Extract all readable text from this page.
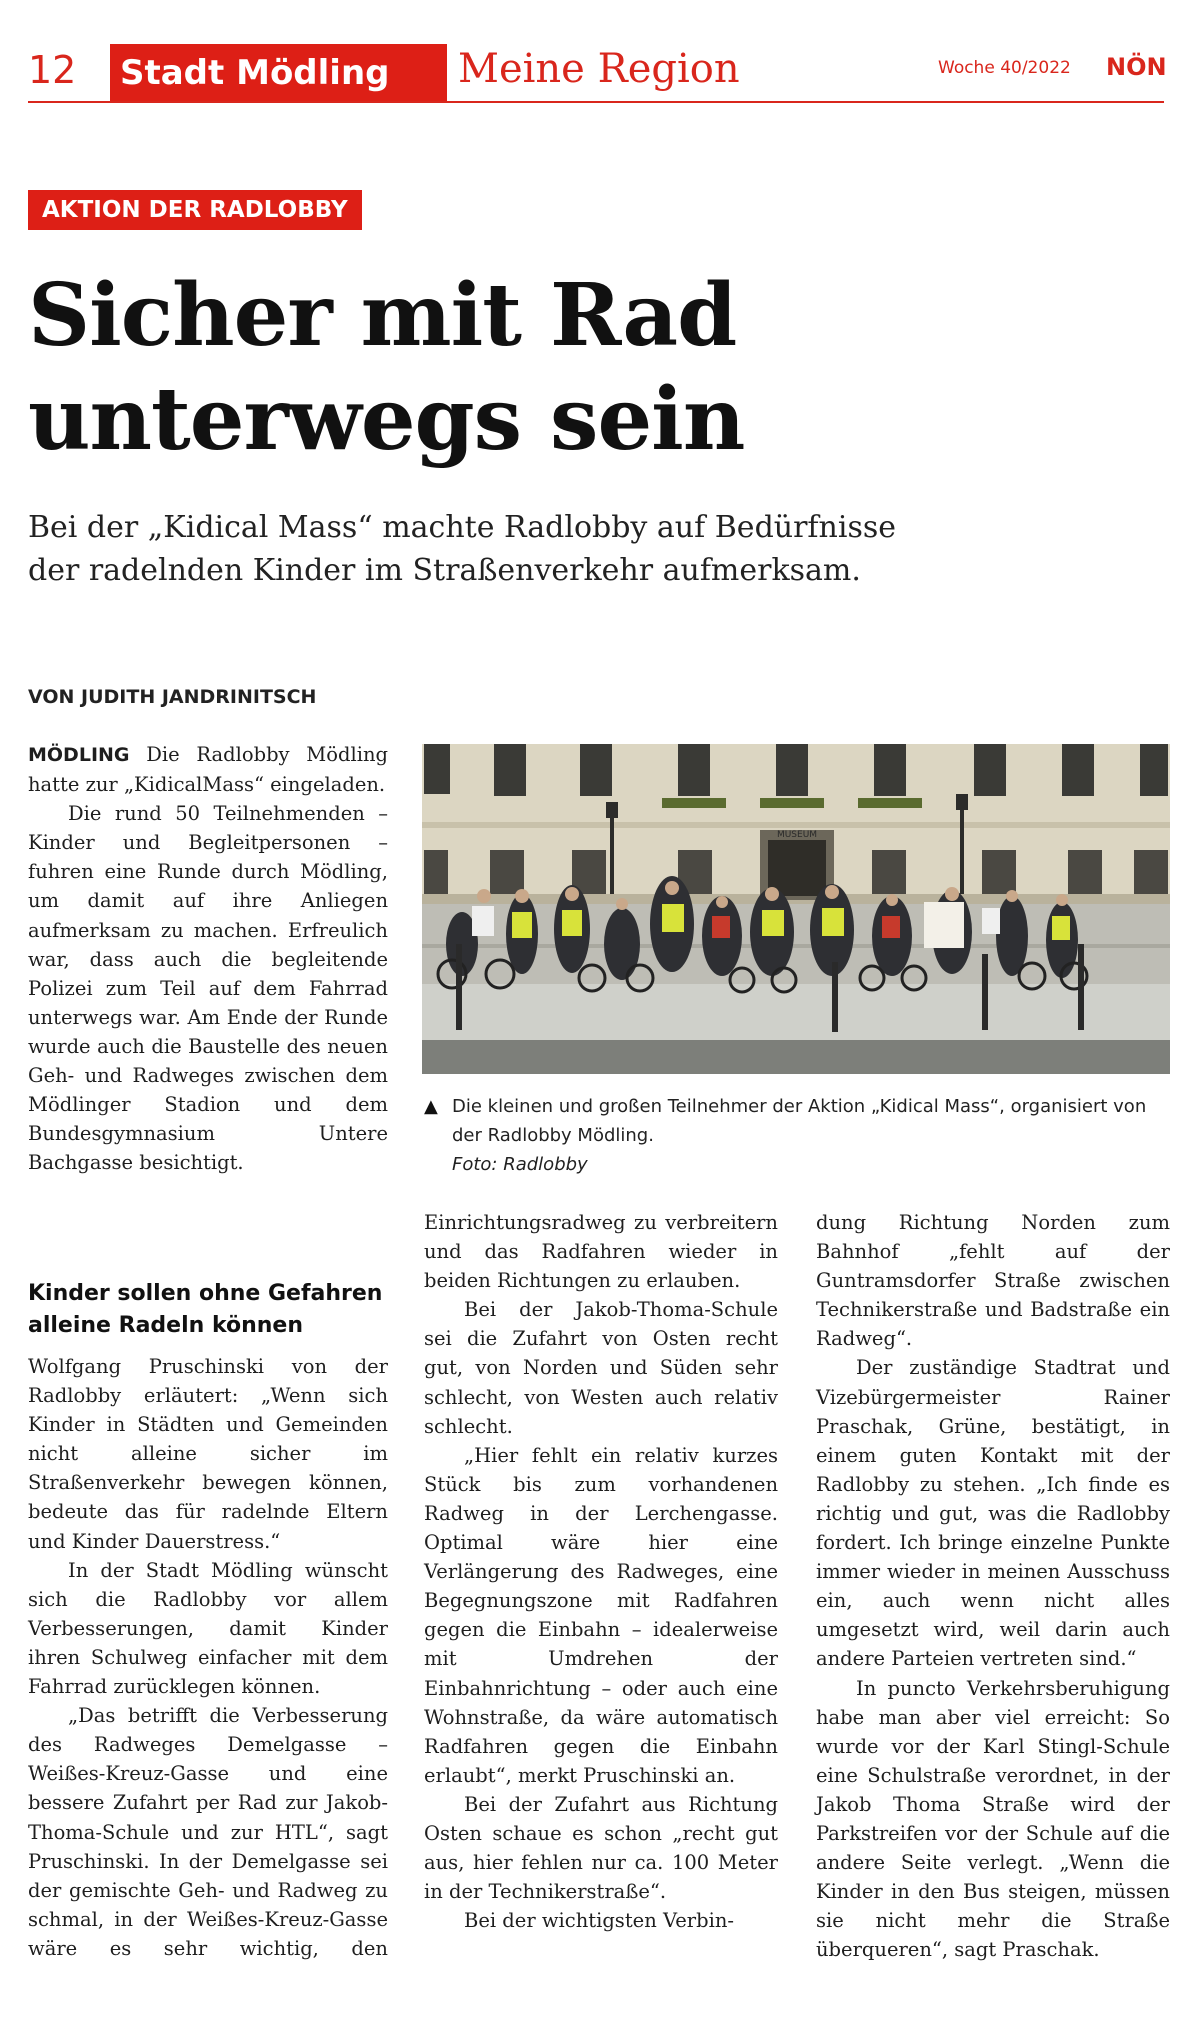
12 Stadt Mödling Meine Region	Woche 40/2022 NÖN
AKTION DER RADLOBBY
Sicher mit Rad
unterwegs sein

Bei der „Kidical Mass“ machte Radlobby auf Bedürfnisse der radelnden Kinder im Straßenverkehr aufmerksam.

VON JUDITH JANDRINITSCH

MÖDLING Die Radlobby Mödling hatte zur „KidicalMass“ eingeladen.

Die rund 50 Teilnehmenden – Kinder und Begleitpersonen – fuhren eine Runde durch Mödling, um damit auf ihre Anliegen aufmerksam zu machen. Erfreulich war, dass auch die begleitende Polizei zum Teil auf dem Fahrrad unterwegs war. Am Ende der Runde wurde auch die Baustelle des neuen Geh- und Radweges zwischen dem Mödlinger Stadion und dem Bundesgymnasium Untere Bachgasse besichtigt.

Kinder sollen ohne Gefahren alleine Radeln können

Wolfgang Pruschinski von der Radlobby erläutert: „Wenn sich Kinder in Städten und Gemeinden nicht alleine sicher im Straßenverkehr bewegen können, bedeute das für radelnde Eltern und Kinder Dauerstress.“

In der Stadt Mödling wünscht sich die Radlobby vor allem Verbesserungen, damit Kinder ihren Schulweg einfacher mit dem Fahrrad zurücklegen können.

„Das betrifft die Verbesserung des Radweges Demelgasse – Weißes-Kreuz-Gasse und eine bessere Zufahrt per Rad zur Jakob-Thoma-Schule und zur HTL“, sagt Pruschinski. In der Demelgasse sei der gemischte Geh- und Radweg zu schmal, in der Weißes-Kreuz-Gasse wäre es sehr wichtig, den

MUSEUM
▲ Die kleinen und großen Teilnehmer der Aktion „Kidical Mass“, organisiert von
der Radlobby Mödling.
Foto: Radlobby

Einrichtungsradweg zu verbreitern und das Radfahren wieder in beiden Richtungen zu erlauben.

Bei der Jakob-Thoma-Schule sei die Zufahrt von Osten recht gut, von Norden und Süden sehr schlecht, von Westen auch relativ schlecht.

„Hier fehlt ein relativ kurzes Stück bis zum vorhandenen Radweg in der Lerchengasse. Optimal wäre hier eine Verlängerung des Radweges, eine Begegnungszone mit Radfahren gegen die Einbahn – idealerweise mit Umdrehen der Einbahnrichtung – oder auch eine Wohnstraße, da wäre automatisch Radfahren gegen die Einbahn erlaubt“, merkt Pruschinski an.

Bei der Zufahrt aus Richtung Osten schaue es schon „recht gut aus, hier fehlen nur ca. 100 Meter in der Technikerstraße“.

Bei der wichtigsten Verbin-

dung Richtung Norden zum Bahnhof „fehlt auf der Guntramsdorfer Straße zwischen Technikerstraße und Badstraße ein Radweg“.

Der zuständige Stadtrat und Vizebürgermeister Rainer Praschak, Grüne, bestätigt, in einem guten Kontakt mit der Radlobby zu stehen. „Ich finde es richtig und gut, was die Radlobby fordert. Ich bringe einzelne Punkte immer wieder in meinen Ausschuss ein, auch wenn nicht alles umgesetzt wird, weil darin auch andere Parteien vertreten sind.“

In puncto Verkehrsberuhigung habe man aber viel erreicht: So wurde vor der Karl Stingl-Schule eine Schulstraße verordnet, in der Jakob Thoma Straße wird der Parkstreifen vor der Schule auf die andere Seite verlegt. „Wenn die Kinder in den Bus steigen, müssen sie nicht mehr die Straße überqueren“, sagt Praschak.
